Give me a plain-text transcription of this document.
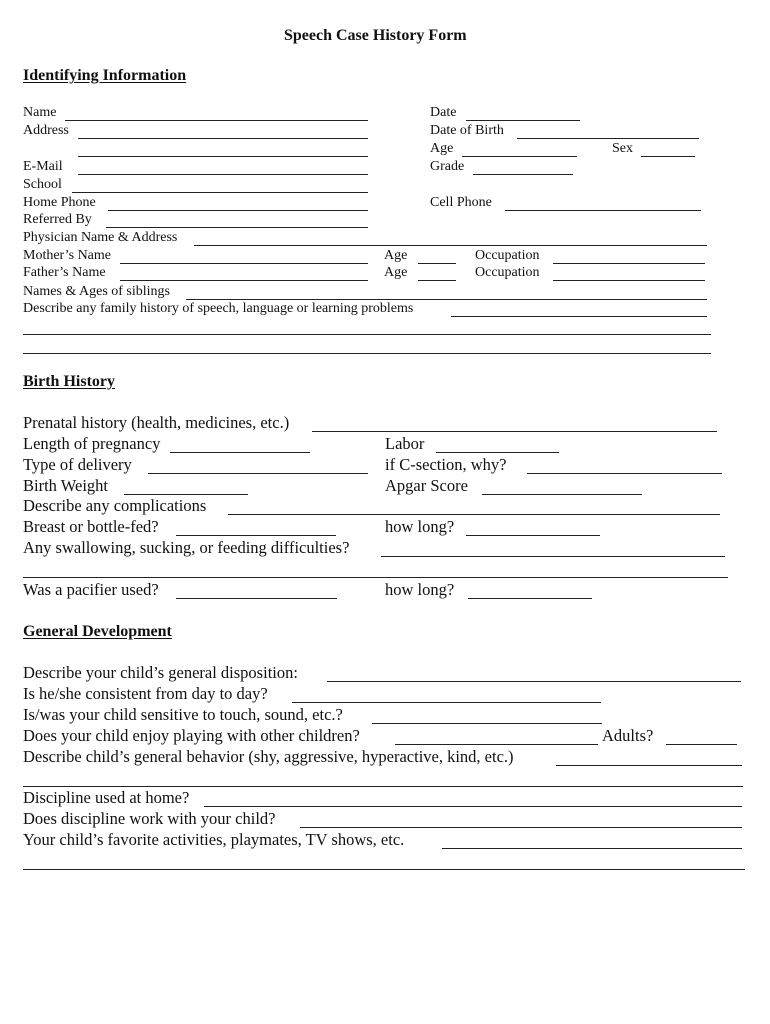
Speech Case History Form
Identifying Information
Name	Date
Address	Date of Birth
Age	Sex
E-Mail	Grade
School
Home Phone	Cell Phone
Referred By
Physician Name & Address
Mother’s Name	Age	Occupation
Father’s Name	Age	Occupation
Names & Ages of siblings
Describe any family history of speech, language or learning problems
Birth History
Prenatal history (health, medicines, etc.)
Length of pregnancy	Labor
Type of delivery	if C-section, why?
Birth Weight	Apgar Score
Describe any complications
Breast or bottle-fed?	how long?
Any swallowing, sucking, or feeding difficulties?
Was a pacifier used?	how long?
General Development
Describe your child’s general disposition:
Is he/she consistent from day to day?
Is/was your child sensitive to touch, sound, etc.?
Does your child enjoy playing with other children?	Adults?
Describe child’s general behavior (shy, aggressive, hyperactive, kind, etc.)
Discipline used at home?
Does discipline work with your child?
Your child’s favorite activities, playmates, TV shows, etc.
